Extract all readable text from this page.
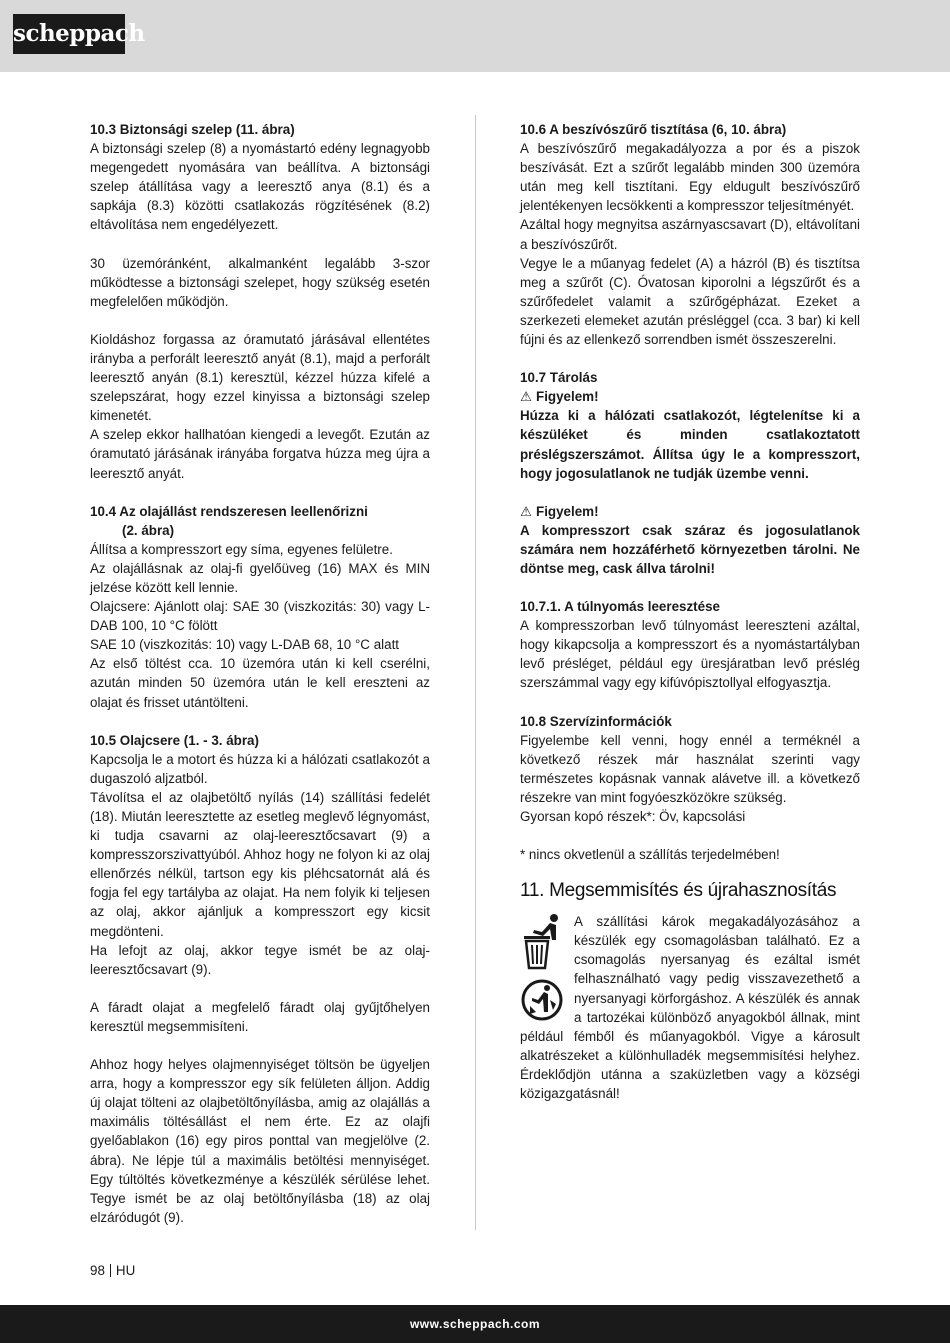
scheppach
10.3 Biztonsági szelep (11. ábra)

A biztonsági szelep (8) a nyomástartó edény legnagyobb megengedett nyomására van beállítva. A biztonsági szelep átállítása vagy a leeresztő anya (8.1) és a sapkája (8.3) közötti csatlakozás rögzítésének (8.2) eltávolítása nem engedélyezett.

30 üzemóránként, alkalmanként legalább 3-szor működtesse a biztonsági szelepet, hogy szükség esetén megfelelően működjön.

Kioldáshoz forgassa az óramutató járásával ellentétes irányba a perforált leeresztő anyát (8.1), majd a perforált leeresztő anyán (8.1) keresztül, kézzel húzza kifelé a szelepszárat, hogy ezzel kinyissa a biztonsági szelep kimenetét.

A szelep ekkor hallhatóan kiengedi a levegőt. Ezután az óramutató járásának irányába forgatva húzza meg újra a leeresztő anyát.

10.4 Az olajállást rendszeresen leellenőrizni
(2. ábra)

Állítsa a kompresszort egy síma, egyenes felületre.

Az olajállásnak az olaj-fi gyelőüveg (16) MAX és MIN jelzése között kell lennie.

Olajcsere: Ajánlott olaj: SAE 30 (viszkozitás: 30) vagy L-DAB 100, 10 °C fölött

SAE 10 (viszkozitás: 10) vagy L-DAB 68, 10 °C alatt

Az első töltést cca. 10 üzemóra után ki kell cserélni, azután minden 50 üzemóra után le kell ereszteni az olajat és frisset utántölteni.

10.5 Olajcsere (1. - 3. ábra)

Kapcsolja le a motort és húzza ki a hálózati csatlakozót a dugaszoló aljzatból.

Távolítsa el az olajbetöltő nyílás (14) szállítási fedelét (18). Miután leeresztette az esetleg meglevő légnyomást, ki tudja csavarni az olaj-leeresztőcsavart (9) a kompresszorszivattyúból. Ahhoz hogy ne folyon ki az olaj ellenőrzés nélkül, tartson egy kis pléhcsatornát alá és fogja fel egy tartályba az olajat. Ha nem folyik ki teljesen az olaj, akkor ajánljuk a kompresszort egy kicsit megdönteni.

Ha lefojt az olaj, akkor tegye ismét be az olaj-leeresztőcsavart (9).

A fáradt olajat a megfelelő fáradt olaj gyűjtőhelyen keresztül megsemmisíteni.

Ahhoz hogy helyes olajmennyiséget töltsön be ügyeljen arra, hogy a kompresszor egy sík felületen álljon. Addig új olajat tölteni az olajbetöltőnyílásba, amig az olajállás a maximális töltésállást el nem érte. Ez az olajfi gyelőablakon (16) egy piros ponttal van megjelölve (2. ábra). Ne lépje túl a maximális betöltési mennyiséget. Egy túltöltés következménye a készülék sérülése lehet. Tegye ismét be az olaj betöltőnyílásba (18) az olaj elzáródugót (9).

10.6 A beszívószűrő tisztítása (6, 10. ábra)

A beszívószűrő megakadályozza a por és a piszok beszívását. Ezt a szűrőt legalább minden 300 üzemóra után meg kell tisztítani. Egy eldugult beszívószűrő jelentékenyen lecsökkenti a kompresszor teljesítményét.

Azáltal hogy megnyitsa aszárnyascsavart (D), eltávolítani a beszívószűrőt.

Vegye le a műanyag fedelet (A) a házról (B) és tisztítsa meg a szűrőt (C). Óvatosan kiporolni a légszűrőt és a szűrőfedelet valamit a szűrőgépházat. Ezeket a szerkezeti elemeket azután présléggel (cca. 3 bar) ki kell fújni és az ellenkező sorrendben ismét összeszerelni.

10.7 Tárolás

⚠ Figyelem!

Húzza ki a hálózati csatlakozót, légtelenítse ki a készüléket és minden csatlakoztatott préslégszerszámot. Állítsa úgy le a kompresszort, hogy jogosulatlanok ne tudják üzembe venni.

⚠ Figyelem!

A kompresszort csak száraz és jogosulatlanok számára nem hozzáférhető környezetben tárolni. Ne döntse meg, cask állva tárolni!

10.7.1. A túlnyomás leeresztése

A kompresszorban levő túlnyomást leereszteni azáltal, hogy kikapcsolja a kompresszort és a nyomástartályban levő présléget, például egy üresjáratban levő préslég szerszámmal vagy egy kifúvópisztollyal elfogyasztja.

10.8 Szervízinformációk

Figyelembe kell venni, hogy ennél a terméknél a következő részek már használat szerinti vagy természetes kopásnak vannak alávetve ill. a következő részekre van mint fogyóeszközökre szükség.

Gyorsan kopó részek*: Öv, kapcsolási

* nincs okvetlenül a szállítás terjedelmében!

11. Megsemmisítés és újrahasznosítás

A szállítási károk megakadályozásához a készülék egy csomagolásban található. Ez a csomagolás nyersanyag és ezáltal ismét felhasználható vagy pedig visszavezethető a nyersanyagi körforgáshoz. A készülék és annak a tartozékai különböző anyagokból állnak, mint például fémből és műanyagokból. Vigye a károsult alkatrészeket a különhulladék megsemmisítési helyhez. Érdeklődjön utánna a szaküzletben vagy a községi közigazgatásnál!

98 HU
www.scheppach.com
